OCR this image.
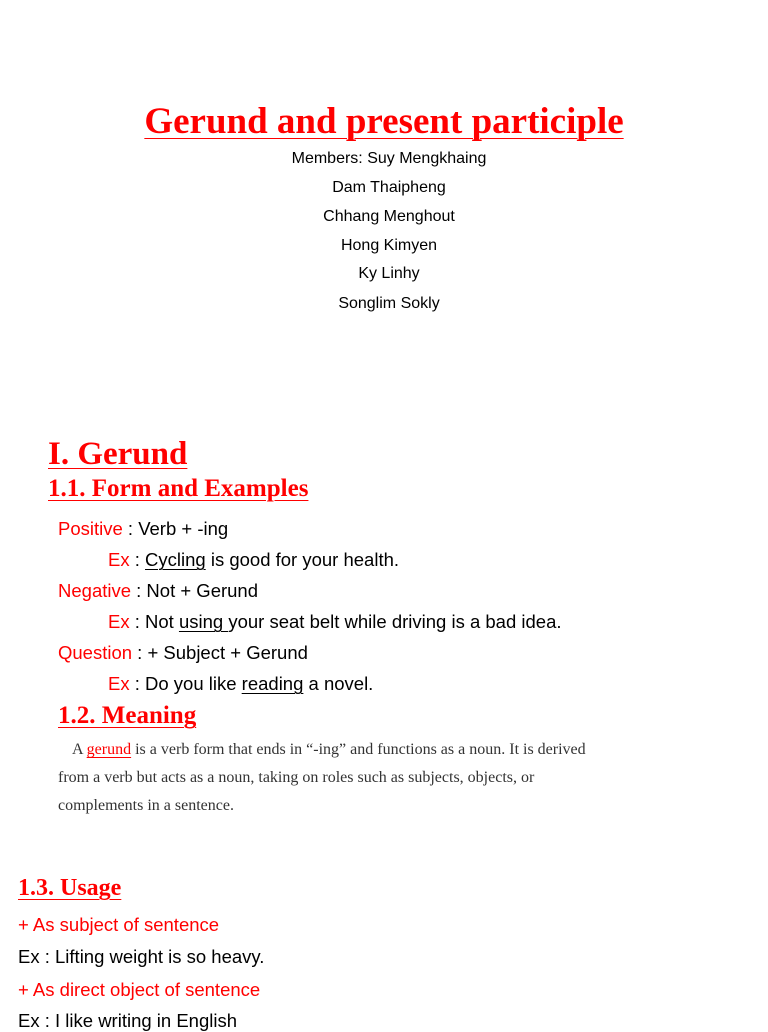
Gerund and present participle
Members: Suy Mengkhaing
Dam Thaipheng
Chhang Menghout
Hong Kimyen
Ky Linhy
Songlim Sokly
I. Gerund
1.1. Form and Examples
Positive : Verb + -ing
Ex : Cycling is good for your health.
Negative : Not + Gerund
Ex : Not using your seat belt while driving is a bad idea.
Question : + Subject + Gerund
Ex : Do you like reading a novel.
1.2. Meaning

A gerund is a verb form that ends in “-ing” and functions as a noun. It is derived from a verb but acts as a noun, taking on roles such as subjects, objects, or complements in a sentence.

1.3. Usage
+ As subject of sentence
Ex : Lifting weight is so heavy.
+ As direct object of sentence
Ex : I like writing in English
